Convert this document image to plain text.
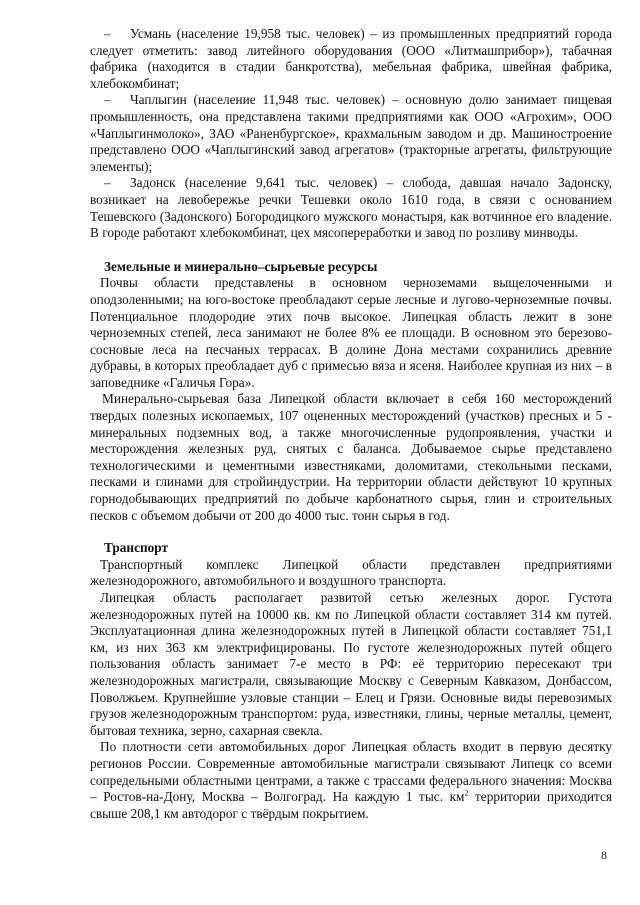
– Усмань (население 19,958 тыс. человек) – из промышленных предприятий города следует отметить: завод литейного оборудования (ООО «Литмашприбор»), табачная фабрика (находится в стадии банкротства), мебельная фабрика, швейная фабрика, хлебокомбинат;

– Чаплыгин (население 11,948 тыс. человек) – основную долю занимает пищевая промышленность, она представлена такими предприятиями как ООО «Агрохим», ООО «Чаплыгинмолоко», ЗАО «Раненбургское», крахмальным заводом и др. Машиностроение представлено ООО «Чаплыгинский завод агрегатов» (тракторные агрегаты, фильтрующие элементы);

– Задонск (население 9,641 тыс. человек) – слобода, давшая начало Задонску, возникает на левобережье речки Тешевки около 1610 года, в связи с основанием Тешевского (Задонского) Богородицкого мужского монастыря, как вотчинное его владение. В городе работают хлебокомбинат, цех мясопереработки и завод по розливу минводы.

Земельные и минерально–сырьевые ресурсы

Почвы области представлены в основном черноземами выщелоченными и оподзоленными; на юго-востоке преобладают серые лесные и лугово-черноземные почвы. Потенциальное плодородие этих почв высокое. Липецкая область лежит в зоне черноземных степей, леса занимают не более 8% ее площади. В основном это березово-сосновые леса на песчаных террасах. В долине Дона местами сохранились древние дубравы, в которых преобладает дуб с примесью вяза и ясеня. Наиболее крупная из них – в заповеднике «Галичья Гора».

Минерально-сырьевая база Липецкой области включает в себя 160 месторождений твердых полезных ископаемых, 107 оцененных месторождений (участков) пресных и 5 - минеральных подземных вод, а также многочисленные рудопроявления, участки и месторождения железных руд, снятых с баланса. Добываемое сырье представлено технологическими и цементными известняками, доломитами, стекольными песками, песками и глинами для стройиндустрии. На территории области действуют 10 крупных горнодобывающих предприятий по добыче карбонатного сырья, глин и строительных песков с объемом добычи от 200 до 4000 тыс. тонн сырья в год.

Транспорт

Транспортный комплекс Липецкой области представлен предприятиями железнодорожного, автомобильного и воздушного транспорта.

Липецкая область располагает развитой сетью железных дорог. Густота железнодорожных путей на 10000 кв. км по Липецкой области составляет 314 км путей. Эксплуатационная длина железнодорожных путей в Липецкой области составляет 751,1 км, из них 363 км электрифицированы. По густоте железнодорожных путей общего пользования область занимает 7-е место в РФ: её территорию пересекают три железнодорожных магистрали, связывающие Москву с Северным Кавказом, Донбассом, Поволжьем. Крупнейшие узловые станции – Елец и Грязи. Основные виды перевозимых грузов железнодорожным транспортом: руда, известняки, глины, черные металлы, цемент, бытовая техника, зерно, сахарная свекла.

По плотности сети автомобильных дорог Липецкая область входит в первую десятку регионов России. Современные автомобильные магистрали связывают Липецк со всеми сопредельными областными центрами, а также с трассами федерального значения: Москва – Ростов-на-Дону, Москва – Волгоград. На каждую 1 тыс. $км^2$ территории приходится свыше 208,1 км автодорог с твёрдым покрытием.

8
